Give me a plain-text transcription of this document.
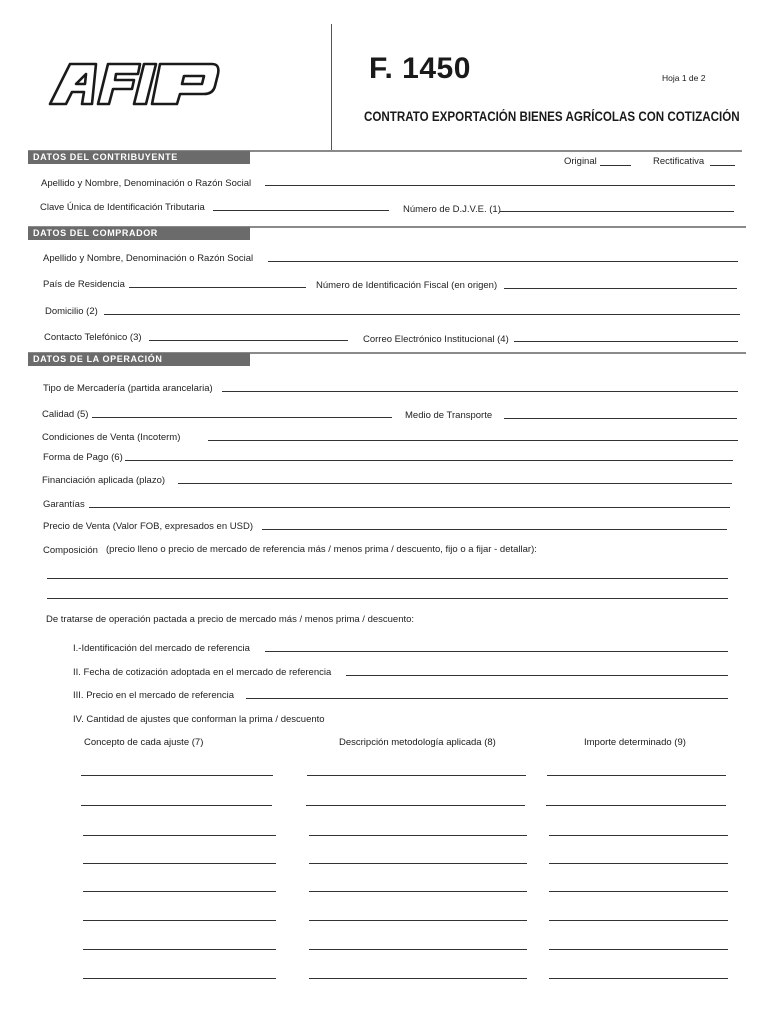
F. 1450	Hoja 1 de 2
CONTRATO EXPORTACIÓN BIENES AGRÍCOLAS CON COTIZACIÓN
DATOS DEL CONTRIBUYENTE	Original	Rectificativa
Apellido y Nombre, Denominación o Razón Social
Clave Única de Identificación Tributaria	Número de D.J.V.E. (1)
DATOS DEL COMPRADOR
Apellido y Nombre, Denominación o Razón Social
País de Residencia	Número de Identificación Fiscal (en origen)
Domicilio (2)
Contacto Telefónico (3)	Correo Electrónico Institucional (4)
DATOS DE LA OPERACIÓN
Tipo de Mercadería (partida arancelaria)
Calidad (5)	Medio de Transporte
Condiciones de Venta (Incoterm)
Forma de Pago (6)
Financiación aplicada (plazo)
Garantías
Precio de Venta (Valor FOB, expresados en USD)
Composición (precio lleno o precio de mercado de referencia más / menos prima / descuento, fijo o a fijar - detallar):
De tratarse de operación pactada a precio de mercado más / menos prima / descuento:
I.-Identificación del mercado de referencia
II. Fecha de cotización adoptada en el mercado de referencia
III. Precio en el mercado de referencia
IV. Cantidad de ajustes que conforman la prima / descuento
Concepto de cada ajuste (7)	Descripción metodología aplicada (8)	Importe determinado (9)
